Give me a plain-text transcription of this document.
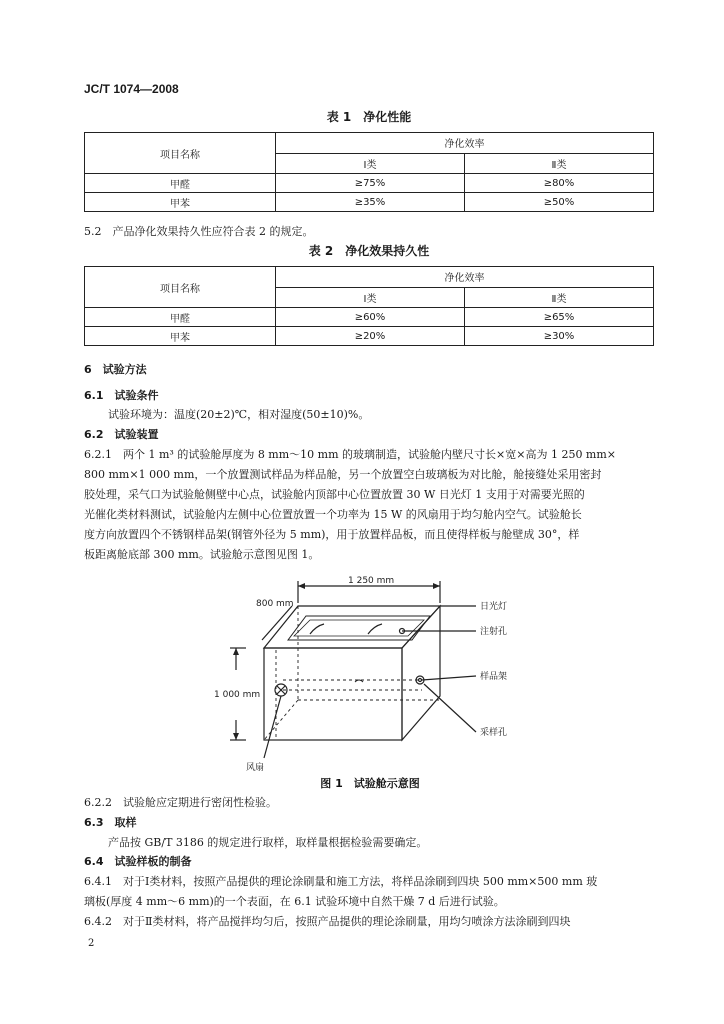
JC/T 1074—2008
表 1　净化性能
项目名称	净化效率	
	Ⅰ类	Ⅱ类
甲醛	≥75%	≥80%
甲苯	≥35%	≥50%
5.2　产品净化效果持久性应符合表 2 的规定。
表 2　净化效果持久性
项目名称	净化效率	
	Ⅰ类	Ⅱ类
甲醛	≥60%	≥65%
甲苯	≥20%	≥30%
6　试验方法
6.1　试验条件
试验环境为：温度(20±2)℃，相对湿度(50±10)%。
6.2　试验装置
6.2.1　两个 1 m³ 的试验舱厚度为 8 mm～10 mm 的玻璃制造，试验舱内壁尺寸长×宽×高为 1 250 mm×
800 mm×1 000 mm，一个放置测试样品为样品舱，另一个放置空白玻璃板为对比舱，舱接缝处采用密封
胶处理，采气口为试验舱侧壁中心点，试验舱内顶部中心位置放置 30 W 日光灯 1 支用于对需要光照的
光催化类材料测试，试验舱内左侧中心位置放置一个功率为 15 W 的风扇用于均匀舱内空气。试验舱长
度方向放置四个不锈钢样品架(钢管外径为 5 mm)，用于放置样品板，而且使得样板与舱壁成 30°，样
板距离舱底部 300 mm。试验舱示意图见图 1。
1 250 mm
800 mm
1 000 mm
日光灯
注射孔
样品架
采样孔
风扇
图 1　试验舱示意图
6.2.2　试验舱应定期进行密闭性检验。
6.3　取样
产品按 GB/T 3186 的规定进行取样，取样量根据检验需要确定。
6.4　试验样板的制备
6.4.1　对于Ⅰ类材料，按照产品提供的理论涂刷量和施工方法，将样品涂刷到四块 500 mm×500 mm 玻
璃板(厚度 4 mm～6 mm)的一个表面，在 6.1 试验环境中自然干燥 7 d 后进行试验。
6.4.2　对于Ⅱ类材料，将产品搅拌均匀后，按照产品提供的理论涂刷量，用均匀喷涂方法涂刷到四块
2
